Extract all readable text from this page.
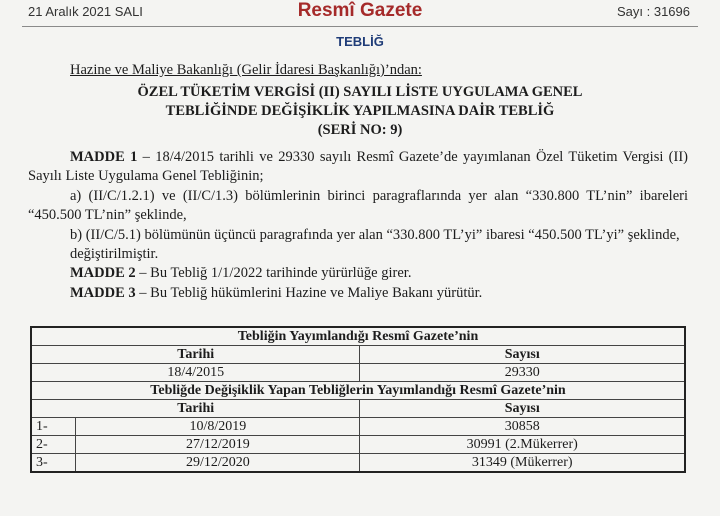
21 Aralık 2021 SALI	Resmî Gazete	Sayı : 31696
TEBLİĞ
Hazine ve Maliye Bakanlığı (Gelir İdaresi Başkanlığı)’ndan:
ÖZEL TÜKETİM VERGİSİ (II) SAYILI LİSTE UYGULAMA GENEL
TEBLİĞİNDE DEĞİŞİKLİK YAPILMASINA DAİR TEBLİĞ
(SERİ NO: 9)

MADDE 1 – 18/4/2015 tarihli ve 29330 sayılı Resmî Gazete’de yayımlanan Özel Tüketim Vergisi (II) Sayılı Liste Uygulama Genel Tebliğinin;

a) (II/C/1.2.1) ve (II/C/1.3) bölümlerinin birinci paragraflarında yer alan “330.800 TL’nin” ibareleri “450.500 TL’nin” şeklinde,

b) (II/C/5.1) bölümünün üçüncü paragrafında yer alan “330.800 TL’yi” ibaresi “450.500 TL’yi” şeklinde,

değiştirilmiştir.

MADDE 2 – Bu Tebliğ 1/1/2022 tarihinde yürürlüğe girer.

MADDE 3 – Bu Tebliğ hükümlerini Hazine ve Maliye Bakanı yürütür.

Tebliğin Yayımlandığı Resmî Gazete’nin		
Tarihi		Sayısı
18/4/2015		29330
Tebliğde Değişiklik Yapan Tebliğlerin Yayımlandığı Resmî Gazete’nin		
Tarihi		Sayısı
1-	10/8/2019	30858
2-	27/12/2019	30991 (2.Mükerrer)
3-	29/12/2020	31349 (Mükerrer)
